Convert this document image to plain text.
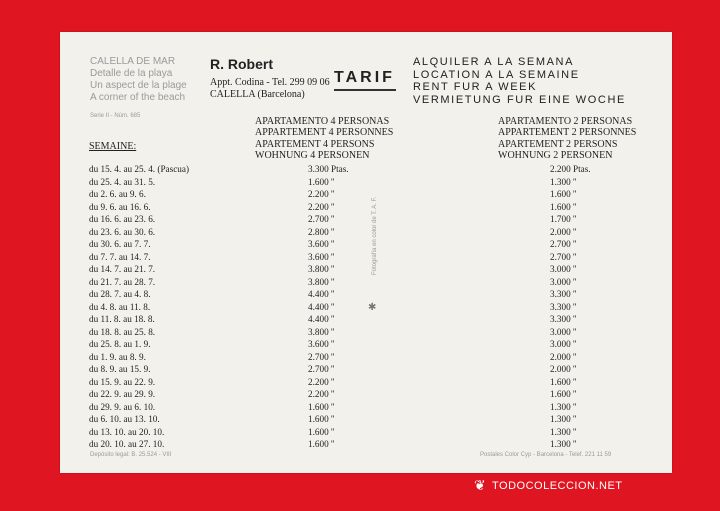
CALELLA DE MAR
Detalle de la playa
Un aspect de la plage
A corner of the beach
Serie II - Núm. 685
R. Robert
Appt. Codina - Tel. 299 09 06
CALELLA (Barcelona)
TARIF
ALQUILER A LA SEMANA
LOCATION A LA SEMAINE
RENT FUR A WEEK
VERMIETUNG FUR EINE WOCHE
APARTAMENTO 4 PERSONAS
APPARTEMENT 4 PERSONNES
APARTEMENT 4 PERSONS
WOHNUNG 4 PERSONEN
APARTAMENTO 2 PERSONAS
APPARTEMENT 2 PERSONNES
APARTEMENT 2 PERSONS
WOHNUNG 2 PERSONEN
SEMAINE:
du 15. 4. au 25. 4. (Pascua)	3.300 Ptas.	2.200 Ptas.
du 25. 4. au 31. 5.	1.600 ''	1.300 ''
du 2. 6. au 9. 6.	2.200 ''	1.600 ''
du 9. 6. au 16. 6.	2.200 ''	1.600 ''
du 16. 6. au 23. 6.	2.700 ''	1.700 ''
du 23. 6. au 30. 6.	2.800 ''	2.000 ''
du 30. 6. au 7. 7.	3.600 ''	2.700 ''
du 7. 7. au 14. 7.	3.600 ''	2.700 ''
du 14. 7. au 21. 7.	3.800 ''	3.000 ''
du 21. 7. au 28. 7.	3.800 ''	3.000 ''
du 28. 7. au 4. 8.	4.400 ''	3.300 ''
du 4. 8. au 11. 8.	4.400 ''	3.300 ''
du 11. 8. au 18. 8.	4.400 ''	3.300 ''
du 18. 8. au 25. 8.	3.800 ''	3.000 ''
du 25. 8. au 1. 9.	3.600 ''	3.000 ''
du 1. 9. au 8. 9.	2.700 ''	2.000 ''
du 8. 9. au 15. 9.	2.700 ''	2.000 ''
du 15. 9. au 22. 9.	2.200 ''	1.600 ''
du 22. 9. au 29. 9.	2.200 ''	1.600 ''
du 29. 9. au 6. 10.	1.600 ''	1.300 ''
du 6. 10. au 13. 10.	1.600 ''	1.300 ''
du 13. 10. au 20. 10.	1.600 ''	1.300 ''
du 20. 10. au 27. 10.	1.600 ''	1.300 ''
Fotografía en color de T. A. F.
✱
Depósito legal: B. 25.524 - VIII	Postales Color Cyp - Barcelona - Telef. 221 11 59
❦ TODOCOLECCION.NET
